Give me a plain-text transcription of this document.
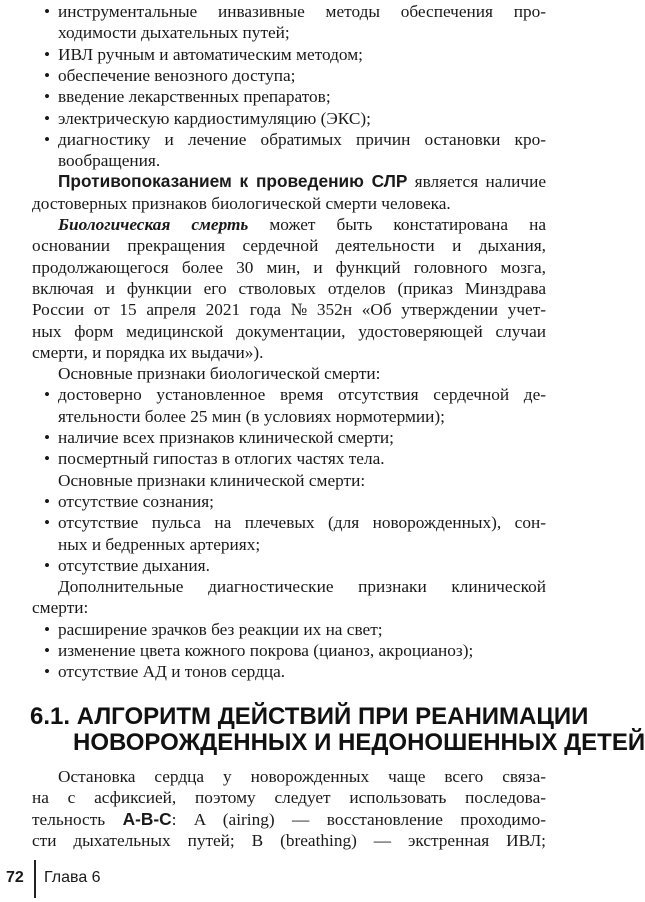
• инструментальные инвазивные методы обеспечения про-
ходимости дыхательных путей;
• ИВЛ ручным и автоматическим методом;
• обеспечение венозного доступа;
• введение лекарственных препаратов;
• электрическую кардиостимуляцию (ЭКС);
• диагностику и лечение обратимых причин остановки кро-
вообращения.
Противопоказанием к проведению СЛР является наличие
достоверных признаков биологической смерти человека.
Биологическая смерть может быть констатирована на
основании прекращения сердечной деятельности и дыхания,
продолжающегося более 30 мин, и функций головного мозга,
включая и функции его стволовых отделов (приказ Минздрава
России от 15 апреля 2021 года № 352н «Об утверждении учет-
ных форм медицинской документации, удостоверяющей случаи
смерти, и порядка их выдачи»).
Основные признаки биологической смерти:
• достоверно установленное время отсутствия сердечной де-
ятельности более 25 мин (в условиях нормотермии);
• наличие всех признаков клинической смерти;
• посмертный гипостаз в отлогих частях тела.
Основные признаки клинической смерти:
• отсутствие сознания;
• отсутствие пульса на плечевых (для новорожденных), сон-
ных и бедренных артериях;
• отсутствие дыхания.
Дополнительные диагностические признаки клинической
смерти:
• расширение зрачков без реакции их на свет;
• изменение цвета кожного покрова (цианоз, акроцианоз);
• отсутствие АД и тонов сердца.
6.1. АЛГОРИТМ ДЕЙСТВИЙ ПРИ РЕАНИМАЦИИ
НОВОРОЖДЕННЫХ И НЕДОНОШЕННЫХ ДЕТЕЙ
Остановка сердца у новорожденных чаще всего связа-
на с асфиксией, поэтому следует использовать последова-
тельность А-В-С: A (airing) — восстановление проходимо-
сти дыхательных путей; B (breathing) — экстренная ИВЛ;
72 Глава 6
